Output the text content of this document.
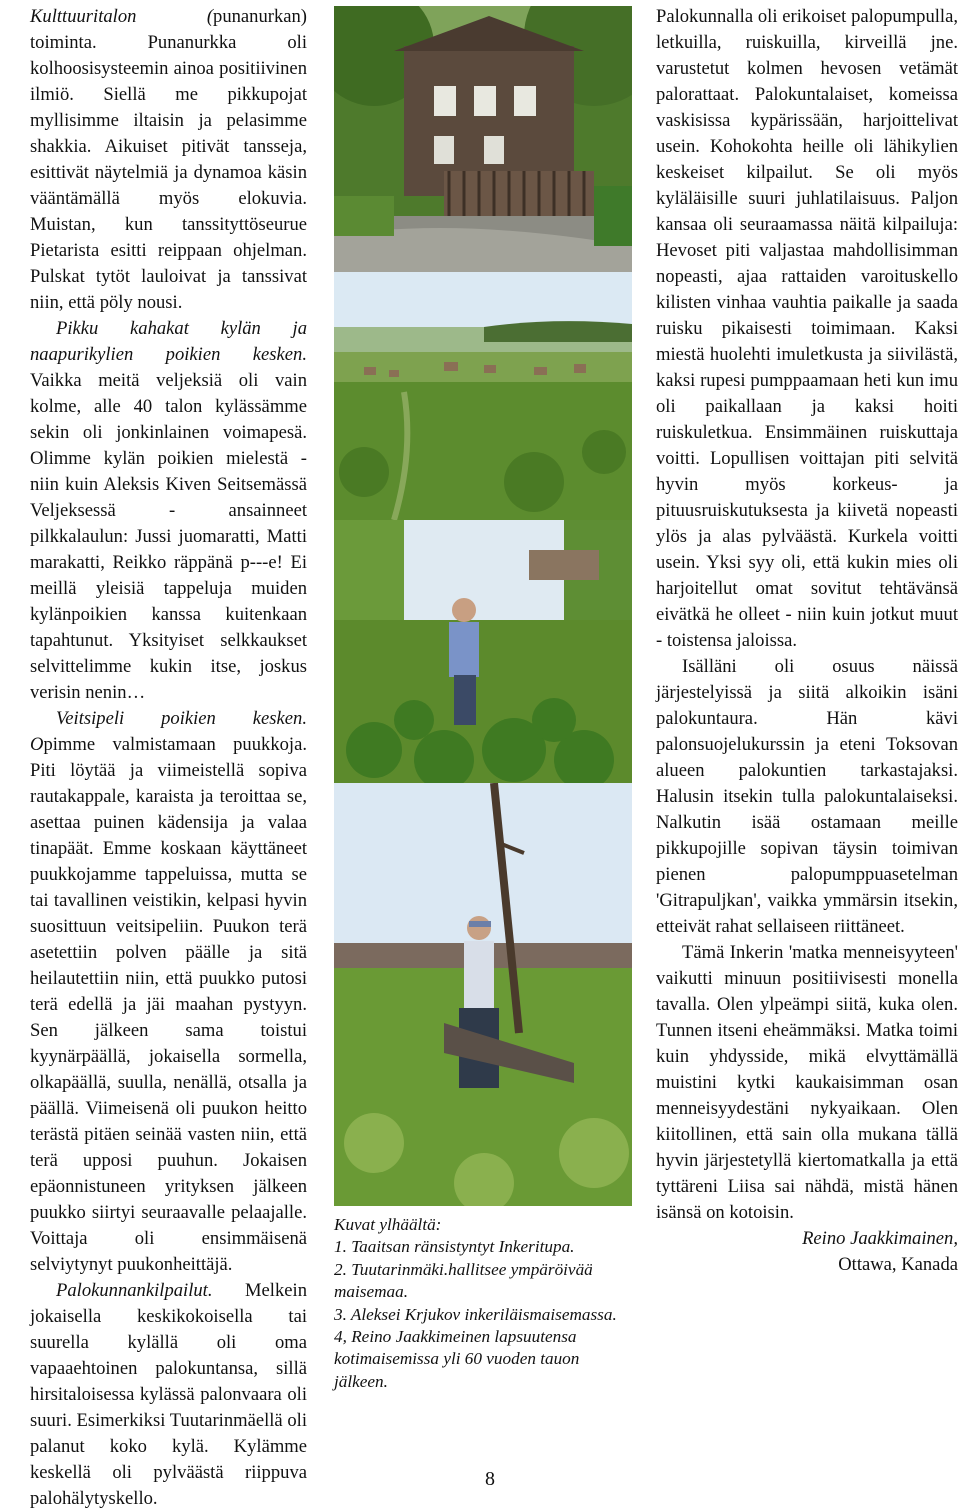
Kulttuuritalon (punanurkan) toiminta. Punanurkka oli kolhoosisysteemin ainoa positiivinen ilmiö. Siellä me pikkupojat myllisimme iltaisin ja pelasimme shakkia. Aikuiset pitivät tansseja, esittivät näytelmiä ja dynamoa käsin vääntämällä myös elokuvia. Muistan, kun tanssityttöseurue Pietarista esitti reippaan ohjelman. Pulskat tytöt lauloivat ja tanssivat niin, että pöly nousi.

Pikku kahakat kylän ja naapurikylien poikien kesken. Vaikka meitä veljeksiä oli vain kolme, alle 40 talon kylässämme sekin oli jonkinlainen voimapesä. Olimme kylän poikien mielestä - niin kuin Aleksis Kiven Seitsemässä Veljeksessä - ansainneet pilkkalaulun: Jussi juomaratti, Matti marakatti, Reikko räppänä p---e! Ei meillä yleisiä tappeluja muiden kylänpoikien kanssa kuitenkaan tapahtunut. Yksityiset selkkaukset selvittelimme kukin itse, joskus verisin nenin…

Veitsipeli poikien kesken. Opimme valmistamaan puukkoja. Piti löytää ja viimeistellä sopiva rautakappale, karaista ja teroittaa se, asettaa puinen kädensija ja valaa tinapäät. Emme koskaan käyttäneet puukkojamme tappeluissa, mutta se tai tavallinen veistikin, kelpasi hyvin suosittuun veitsipeliin. Puukon terä asetettiin polven päälle ja sitä heilautettiin niin, että puukko putosi terä edellä ja jäi maahan pystyyn. Sen jälkeen sama toistui kyynärpäällä, jokaisella sormella, olkapäällä, suulla, nenällä, otsalla ja päällä. Viimeisenä oli puukon heitto terästä pitäen seinää vasten niin, että terä upposi puuhun. Jokaisen epäonnistuneen yrityksen jälkeen puukko siirtyi seuraavalle pelaajalle. Voittaja oli ensimmäisenä selviytynyt puukonheittäjä.

Palokunnankilpailut. Melkein jokaisella keskikokoisella tai suurella kylällä oli oma vapaaehtoinen palokuntansa, sillä hirsitaloisessa kylässä palonvaara oli suuri. Esimerkiksi Tuutarinmäellä oli palanut koko kylä. Kylämme keskellä oli pylväästä riippuva palohälytyskello.

Kuvat ylhäältä:
1. Taaitsan ränsistyntyt Inkeritupa.
2. Tuutarinmäki.hallitsee ympäröivää maisemaa.
3. Aleksei Krjukov inkeriläismaisemassa.
4, Reino Jaakkimeinen lapsuutensa kotimaisemissa yli 60 vuoden tauon jälkeen.

Palokunnalla oli erikoiset palopumpulla, letkuilla, ruiskuilla, kirveillä jne. varustetut kolmen hevosen vetämät palorattaat. Palokuntalaiset, komeissa vaskisissa kypärissään, harjoittelivat usein. Kohokohta heille oli lähikylien keskeiset kilpailut. Se oli myös kyläläisille suuri juhlatilaisuus. Paljon kansaa oli seuraamassa näitä kilpailuja: Hevoset piti valjastaa mahdollisimman nopeasti, ajaa rattaiden varoituskello kilisten vinhaa vauhtia paikalle ja saada ruisku pikaisesti toimimaan. Kaksi miestä huolehti imuletkusta ja siivilästä, kaksi rupesi pumppaamaan heti kun imu oli paikallaan ja kaksi hoiti ruiskuletkua. Ensimmäinen ruiskuttaja voitti. Lopullisen voittajan piti selvitä hyvin myös korkeus- ja pituusruiskutuksesta ja kiivetä nopeasti ylös ja alas pylväästä. Kurkela voitti usein. Yksi syy oli, että kukin mies oli harjoitellut omat sovitut tehtävänsä eivätkä he olleet - niin kuin jotkut muut - toistensa jaloissa.

Isälläni oli osuus näissä järjestelyissä ja siitä alkoikin isäni palokuntaura. Hän kävi palonsuojelukurssin ja eteni Toksovan alueen palokuntien tarkastajaksi. Halusin itsekin tulla palokuntalaiseksi. Nalkutin isää ostamaan meille pikkupojille sopivan täysin toimivan pienen palopumppuasetelman 'Gitrapuljkan', vaikka ymmärsin itsekin, etteivät rahat sellaiseen riittäneet.

Tämä Inkerin 'matka menneisyyteen' vaikutti minuun positiivisesti monella tavalla. Olen ylpeämpi siitä, kuka olen. Tunnen itseni eheämmäksi. Matka toimi kuin yhdysside, mikä elvyttämällä muistini kytki kaukaisimman osan menneisyydestäni nykyaikaan. Olen kiitollinen, että sain olla mukana tällä hyvin järjestetyllä kiertomatkalla ja että tyttäreni Liisa sai nähdä, mistä hänen isänsä on kotoisin.

Reino Jaakkimainen,

Ottawa, Kanada

8
